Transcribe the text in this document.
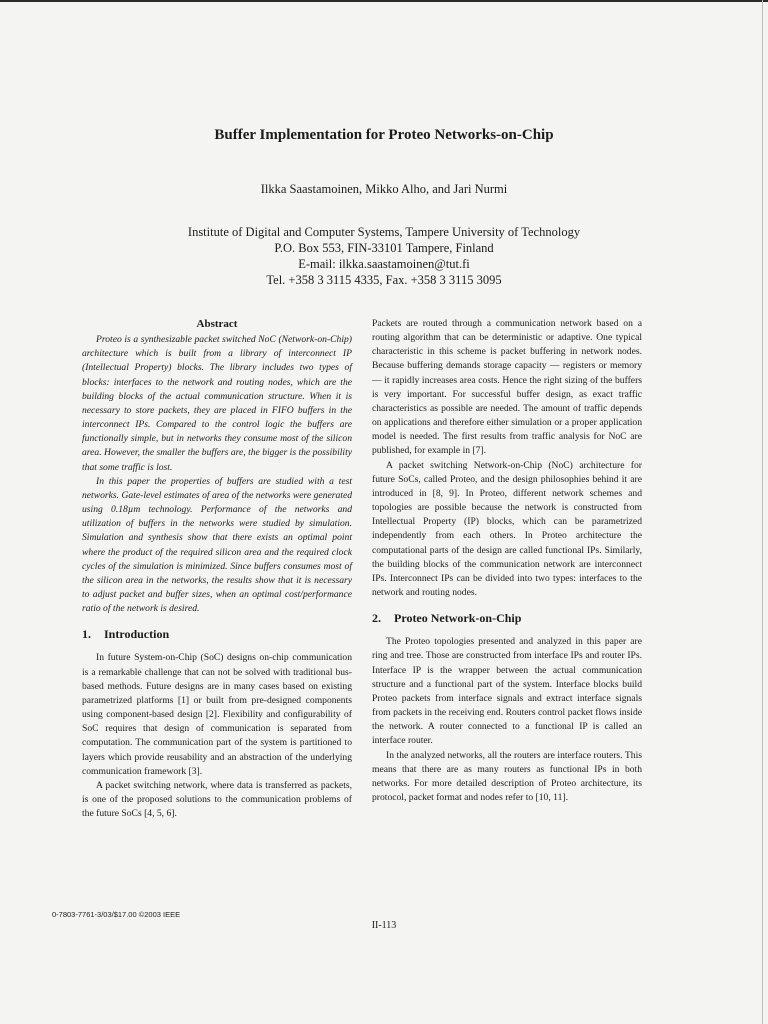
Buffer Implementation for Proteo Networks-on-Chip
Ilkka Saastamoinen, Mikko Alho, and Jari Nurmi
Institute of Digital and Computer Systems, Tampere University of Technology
P.O. Box 553, FIN-33101 Tampere, Finland
E-mail: ilkka.saastamoinen@tut.fi
Tel. +358 3 3115 4335, Fax. +358 3 3115 3095
Abstract

Proteo is a synthesizable packet switched NoC (Network-on-Chip) architecture which is built from a library of interconnect IP (Intellectual Property) blocks. The library includes two types of blocks: interfaces to the network and routing nodes, which are the building blocks of the actual communication structure. When it is necessary to store packets, they are placed in FIFO buffers in the interconnect IPs. Compared to the control logic the buffers are functionally simple, but in networks they consume most of the silicon area. However, the smaller the buffers are, the bigger is the possibility that some traffic is lost.

In this paper the properties of buffers are studied with a test networks. Gate-level estimates of area of the networks were generated using 0.18µm technology. Performance of the networks and utilization of buffers in the networks were studied by simulation. Simulation and synthesis show that there exists an optimal point where the product of the required silicon area and the required clock cycles of the simulation is minimized. Since buffers consumes most of the silicon area in the networks, the results show that it is necessary to adjust packet and buffer sizes, when an optimal cost/performance ratio of the network is desired.

1.	Introduction

In future System-on-Chip (SoC) designs on-chip communication is a remarkable challenge that can not be solved with traditional bus-based methods. Future designs are in many cases based on existing parametrized platforms [1] or built from pre-designed components using component-based design [2]. Flexibility and configurability of SoC requires that design of communication is separated from computation. The communication part of the system is partitioned to layers which provide reusability and an abstraction of the underlying communication framework [3].

A packet switching network, where data is transferred as packets, is one of the proposed solutions to the communication problems of the future SoCs [4, 5, 6].

Packets are routed through a communication network based on a routing algorithm that can be deterministic or adaptive. One typical characteristic in this scheme is packet buffering in network nodes. Because buffering demands storage capacity — registers or memory — it rapidly increases area costs. Hence the right sizing of the buffers is very important. For successful buffer design, as exact traffic characteristics as possible are needed. The amount of traffic depends on applications and therefore either simulation or a proper application model is needed. The first results from traffic analysis for NoC are published, for example in [7].

A packet switching Network-on-Chip (NoC) architecture for future SoCs, called Proteo, and the design philosophies behind it are introduced in [8, 9]. In Proteo, different network schemes and topologies are possible because the network is constructed from Intellectual Property (IP) blocks, which can be parametrized independently from each others. In Proteo architecture the computational parts of the design are called functional IPs. Similarly, the building blocks of the communication network are interconnect IPs. Interconnect IPs can be divided into two types: interfaces to the network and routing nodes.

2.	Proteo Network-on-Chip

The Proteo topologies presented and analyzed in this paper are ring and tree. Those are constructed from interface IPs and router IPs. Interface IP is the wrapper between the actual communication structure and a functional part of the system. Interface blocks build Proteo packets from interface signals and extract interface signals from packets in the receiving end. Routers control packet flows inside the network. A router connected to a functional IP is called an interface router.

In the analyzed networks, all the routers are interface routers. This means that there are as many routers as functional IPs in both networks. For more detailed description of Proteo architecture, its protocol, packet format and nodes refer to [10, 11].

0-7803-7761-3/03/$17.00 ©2003 IEEE
II-113
